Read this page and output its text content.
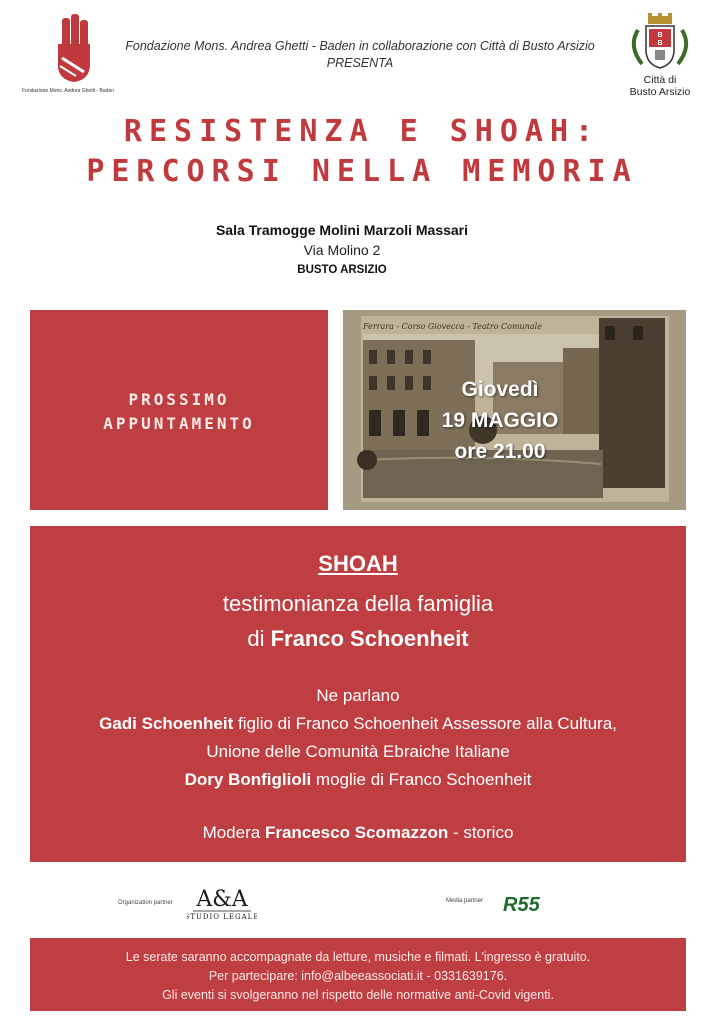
Fondazione Mons. Andrea Ghetti - Baden
Fondazione Mons. Andrea Ghetti - Baden in collaborazione con Città di Busto Arsizio
PRESENTA
B
B
Città di
Busto Arsizio
RESISTENZA E SHOAH:
PERCORSI NELLA MEMORIA
Sala Tramogge Molini Marzoli Massari
Via Molino 2
BUSTO ARSIZIO
PROSSIMO
APPUNTAMENTO
Ferrara - Corso Giovecca - Teatro Comunale
Giovedì
19 MAGGIO
ore 21.00
SHOAH
testimonianza della famiglia
di Franco Schoenheit
Ne parlano
Gadi Schoenheit figlio di Franco Schoenheit Assessore alla Cultura,
Unione delle Comunità Ebraiche Italiane
Dory Bonfiglioli moglie di Franco Schoenheit
Modera Francesco Scomazzon - storico
Organization partner A&A
STUDIO LEGALE
Media partner R55
Le serate saranno accompagnate da letture, musiche e filmati. L'ingresso è gratuito.
Per partecipare: info@albeeassociati.it - 0331639176.
Gli eventi si svolgeranno nel rispetto delle normative anti-Covid vigenti.
